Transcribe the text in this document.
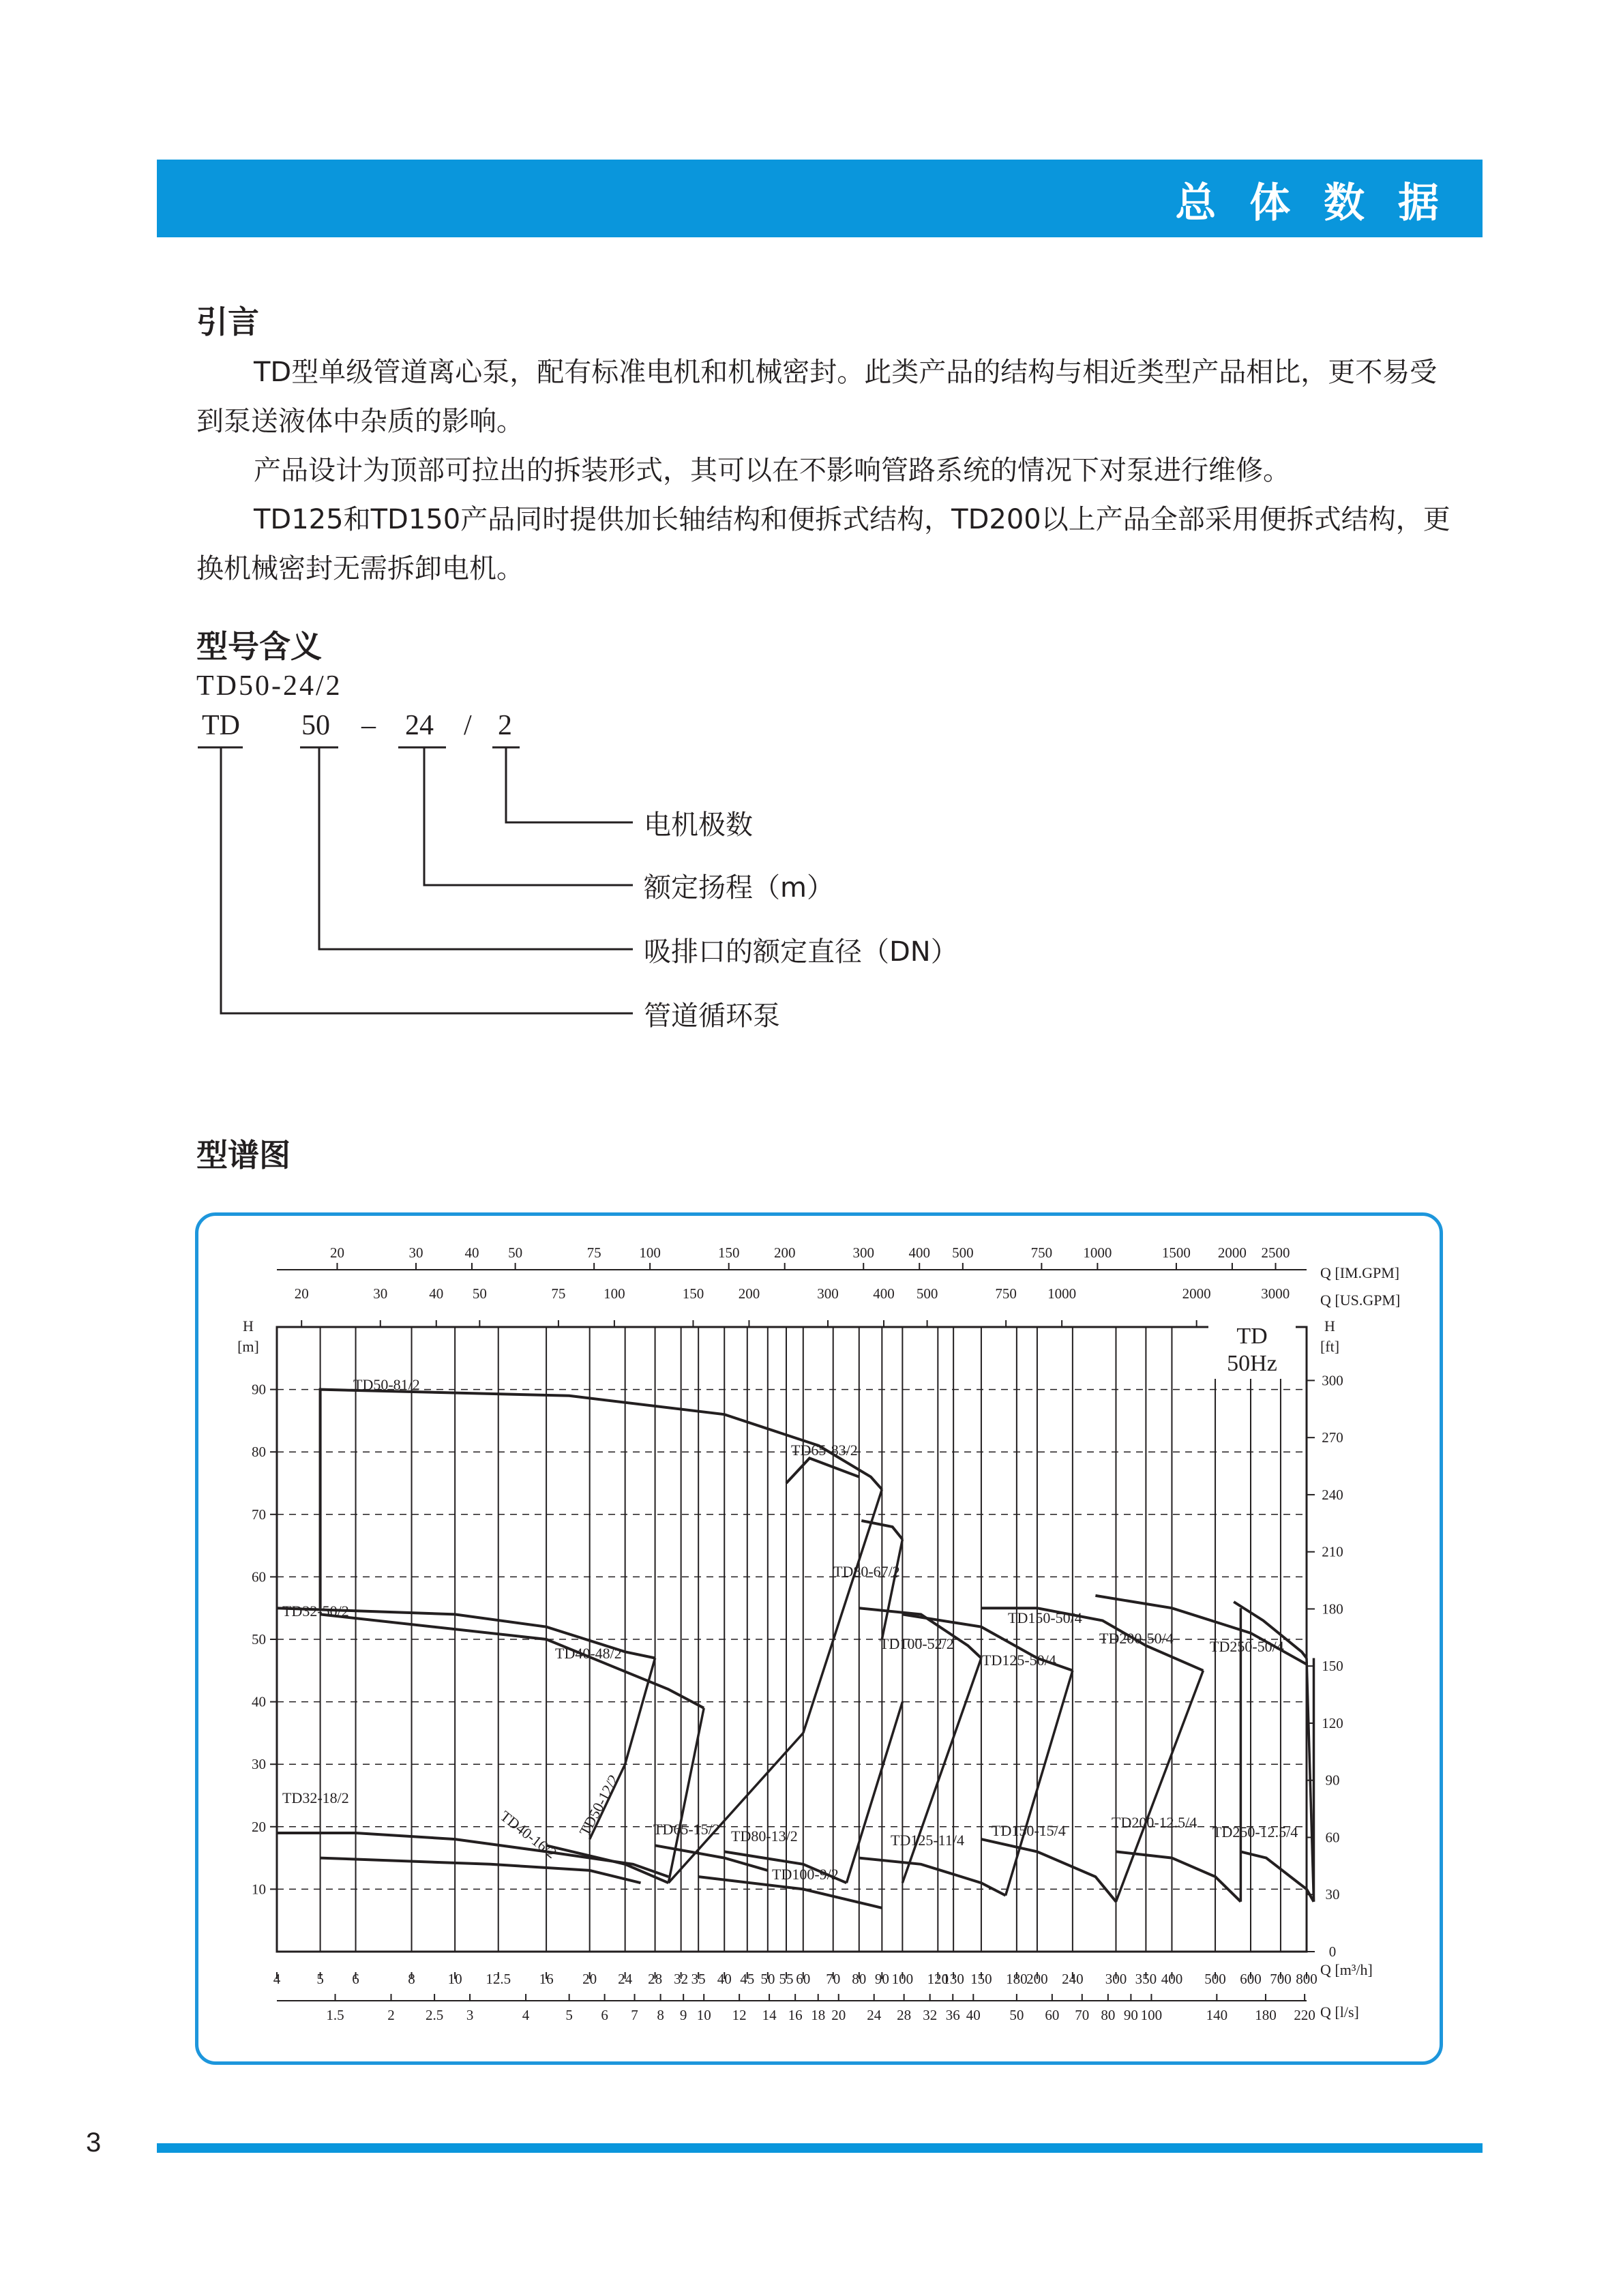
总 体 数 据
引言
TD型单级管道离心泵，配有标准电机和机械密封。此类产品的结构与相近类型产品相比，更不易受到泵送液体中杂质的影响。
产品设计为顶部可拉出的拆装形式，其可以在不影响管路系统的情况下对泵进行维修。
TD125和TD150产品同时提供加长轴结构和便拆式结构，TD200以上产品全部采用便拆式结构，更换机械密封无需拆卸电机。
型号含义
TD50-24/2
TD 50 – 24 / 2
电机极数
额定扬程（m）
吸排口的额定直径（DN）
管道循环泵
型谱图
4	5 6	8 10 12.5 16 20 24 28 32 35 40 45 50 55 60 70 80 90 100 120
130 150 180
200 240 300 350 400 500 600 700 800
10
20
30
40
50
60
70
80
90
0
30
60
90
120
150
180
210
240
270
300
1.5	2 2.5 3	4	5 6 7 8 9 10 12 14 16 18 20 24 28 32 36 40 50 60 70 80 90 100	140 180 220
20	30	40 50	75	100	150 200	300 400 500	750 1000	1500 2000 2500
20	30	40 50	75	100	150 200	300 400 500	750 1000	2000	3000
TD50-81/2
TD65-83/2
TD80-67/2
TD32-50/2
TD40-48/2
TD100-52/2
TD125-50/4
TD150-50/4
TD200-50/4 TD250-50/4
TD32-18/2
TD40-16/2 TD50-12/2 TD65-15/2 TD80-13/2
TD100-9/2
TD125-11/4
TD150-15/4	TD200-12.5/4
TD250-12.5/4
TD
50Hz
H
[m]
H
[ft]
Q [IM.GPM]
Q [US.GPM]
Q [m³/h]
Q [l/s]
3
